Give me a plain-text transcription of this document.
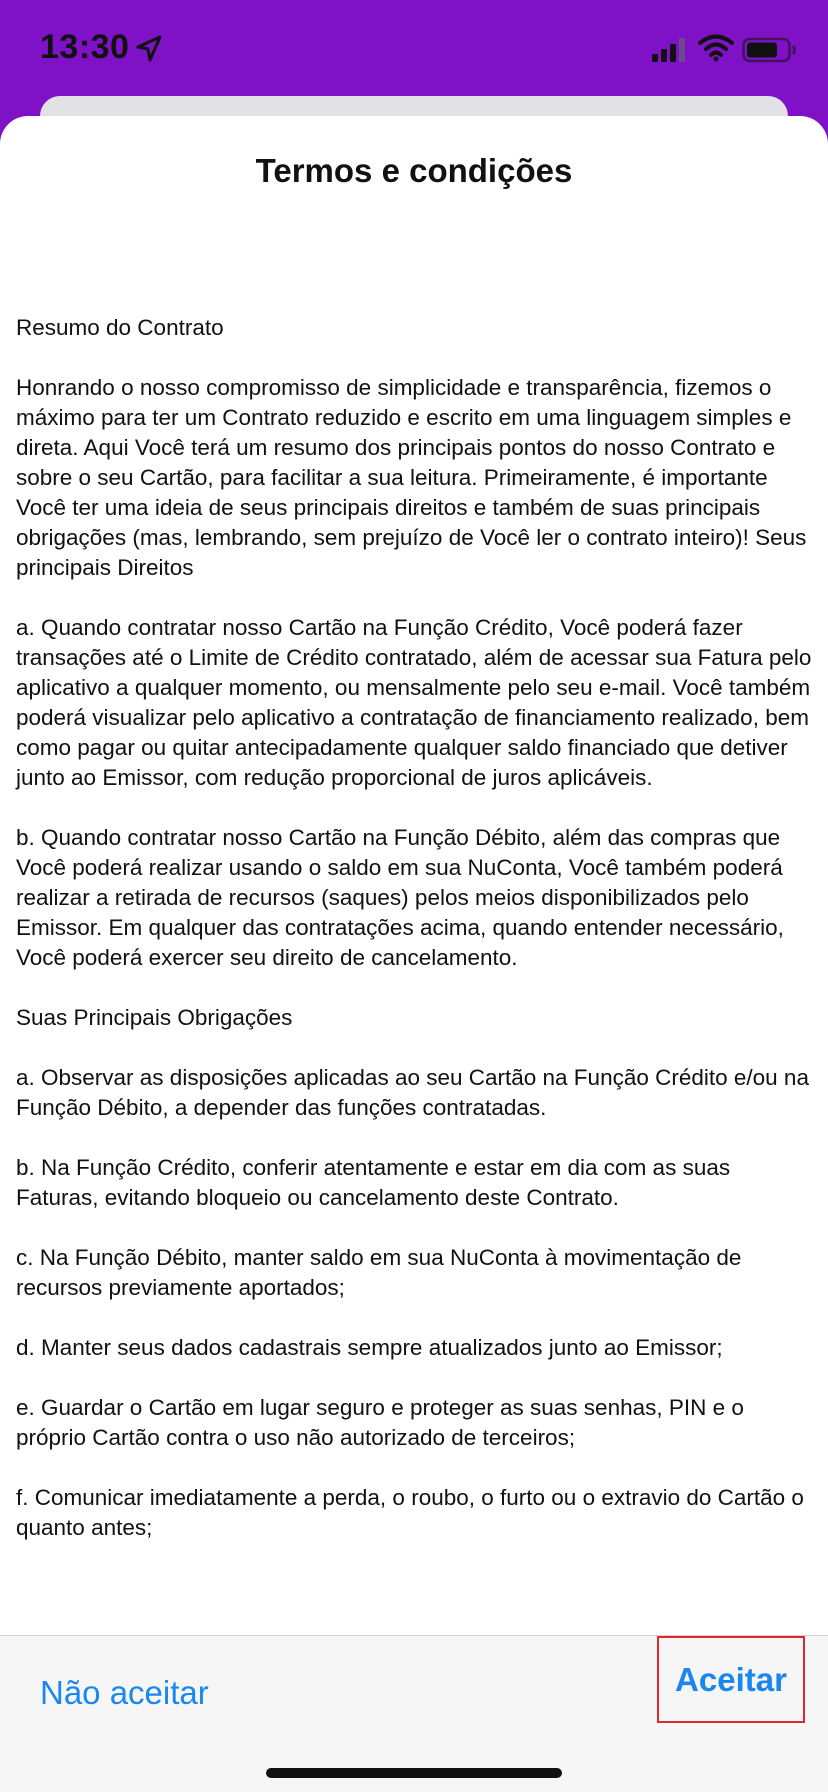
13:30
Termos e condições

Resumo do Contrato

Honrando o nosso compromisso de simplicidade e transparência, fizemos o máximo para ter um Contrato reduzido e escrito em uma linguagem simples e direta. Aqui Você terá um resumo dos principais pontos do nosso Contrato e sobre o seu Cartão, para facilitar a sua leitura. Primeiramente, é importante Você ter uma ideia de seus principais direitos e também de suas principais obrigações (mas, lembrando, sem prejuízo de Você ler o contrato inteiro)! Seus principais Direitos

a. Quando contratar nosso Cartão na Função Crédito, Você poderá fazer transações até o Limite de Crédito contratado, além de acessar sua Fatura pelo aplicativo a qualquer momento, ou mensalmente pelo seu e-mail. Você também poderá visualizar pelo aplicativo a contratação de financiamento realizado, bem como pagar ou quitar antecipadamente qualquer saldo financiado que detiver junto ao Emissor, com redução proporcional de juros aplicáveis.

b. Quando contratar nosso Cartão na Função Débito, além das compras que Você poderá realizar usando o saldo em sua NuConta, Você também poderá realizar a retirada de recursos (saques) pelos meios disponibilizados pelo Emissor. Em qualquer das contratações acima, quando entender necessário, Você poderá exercer seu direito de cancelamento.

Suas Principais Obrigações

a. Observar as disposições aplicadas ao seu Cartão na Função Crédito e/ou na Função Débito, a depender das funções contratadas.

b. Na Função Crédito, conferir atentamente e estar em dia com as suas Faturas, evitando bloqueio ou cancelamento deste Contrato.

c. Na Função Débito, manter saldo em sua NuConta à movimentação de recursos previamente aportados;

d. Manter seus dados cadastrais sempre atualizados junto ao Emissor;

e. Guardar o Cartão em lugar seguro e proteger as suas senhas, PIN e o próprio Cartão contra o uso não autorizado de terceiros;

f. Comunicar imediatamente a perda, o roubo, o furto ou o extravio do Cartão o quanto antes;

Não aceitar	Aceitar
